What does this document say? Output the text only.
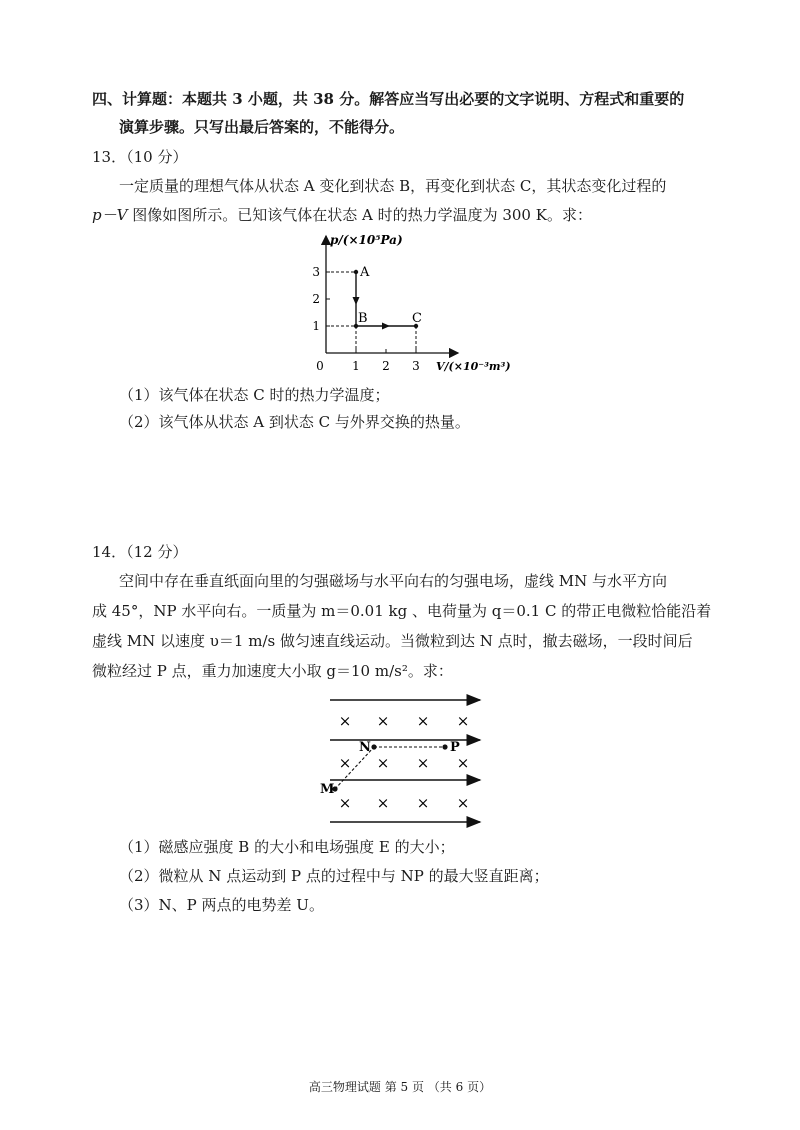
四、计算题：本题共 3 小题，共 38 分。解答应当写出必要的文字说明、方程式和重要的
演算步骤。只写出最后答案的，不能得分。
13．（10 分）
一定质量的理想气体从状态 A 变化到状态 B，再变化到状态 C，其状态变化过程的
p－V 图像如图所示。已知该气体在状态 A 时的热力学温度为 300 K。求：
p/(×10⁵Pa)
V/(×10⁻³m³)
0 1 2 3
1
2
3	A
B	C
（1）该气体在状态 C 时的热力学温度；
（2）该气体从状态 A 到状态 C 与外界交换的热量。
14．（12 分）
空间中存在垂直纸面向里的匀强磁场与水平向右的匀强电场，虚线 MN 与水平方向
成 45°，NP 水平向右。一质量为 m＝0.01 kg 、电荷量为 q＝0.1 C 的带正电微粒恰能沿着
虚线 MN 以速度 υ＝1 m/s 做匀速直线运动。当微粒到达 N 点时，撤去磁场，一段时间后
微粒经过 P 点，重力加速度大小取 g＝10 m/s²。求：
× × × ×
× × × ×
× × × ×
M
N	P
（1）磁感应强度 B 的大小和电场强度 E 的大小；
（2）微粒从 N 点运动到 P 点的过程中与 NP 的最大竖直距离；
（3）N、P 两点的电势差 U。
高三物理试题 第 5 页 （共 6 页）
